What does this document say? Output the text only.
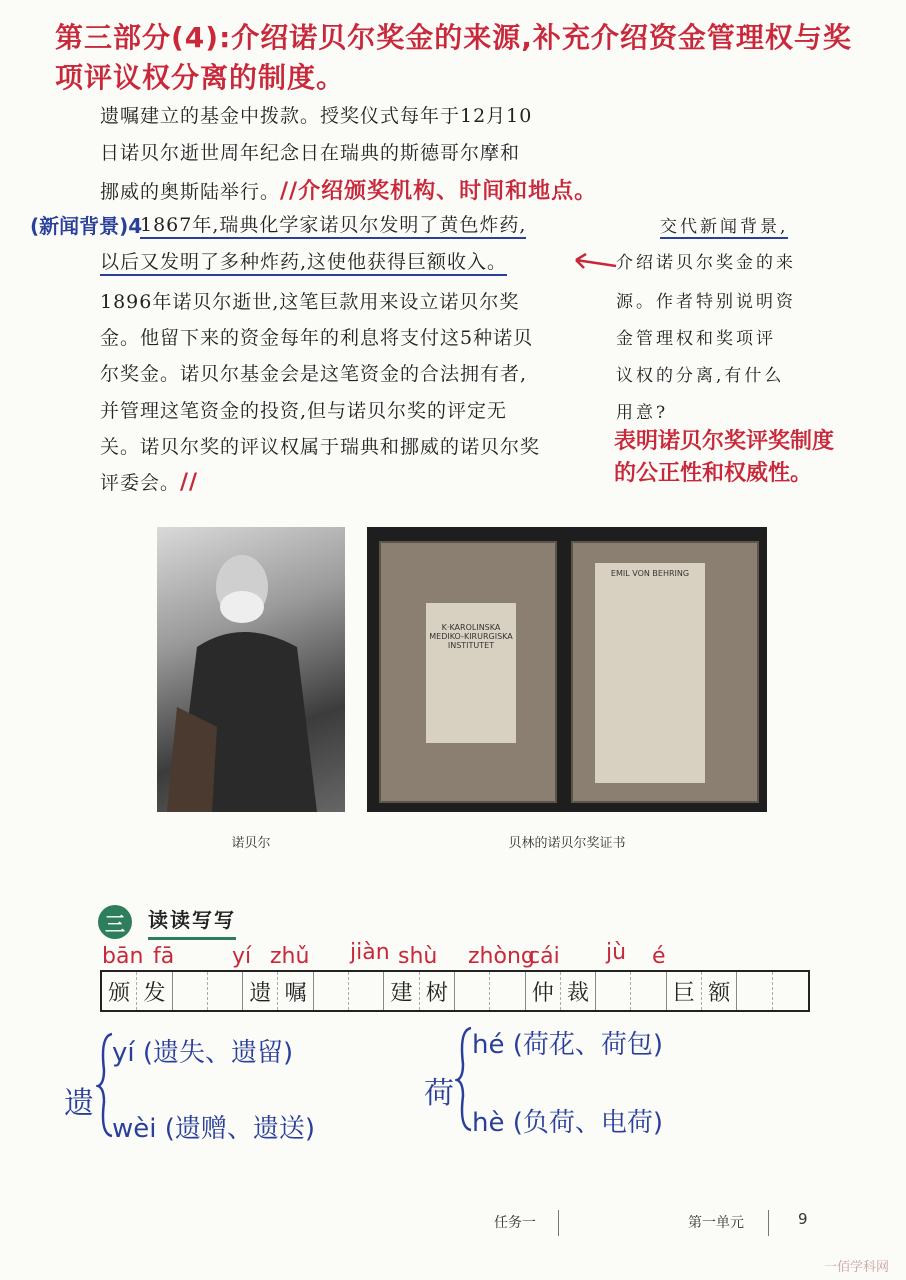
第三部分(4):介绍诺贝尔奖金的来源,补充介绍资金管理权与奖项评议权分离的制度。
遗嘱建立的基金中拨款。授奖仪式每年于12月10
日诺贝尔逝世周年纪念日在瑞典的斯德哥尔摩和
挪威的奥斯陆举行。//介绍颁奖机构、时间和地点。
(新闻背景)4
1867年,瑞典化学家诺贝尔发明了黄色炸药,
以后又发明了多种炸药,这使他获得巨额收入。
1896年诺贝尔逝世,这笔巨款用来设立诺贝尔奖
金。他留下来的资金每年的利息将支付这5种诺贝
尔奖金。诺贝尔基金会是这笔资金的合法拥有者,
并管理这笔资金的投资,但与诺贝尔奖的评定无
关。诺贝尔奖的评议权属于瑞典和挪威的诺贝尔奖
评委会。//
交代新闻背景,
介绍诺贝尔奖金的来
源。作者特别说明资
金管理权和奖项评
议权的分离,有什么
用意?
表明诺贝尔奖评奖制度
的公正性和权威性。
诺贝尔
K·KAROLINSKA MEDIKO-KIRURGISKA INSTITUTET
EMIL VON BEHRING
贝林的诺贝尔奖证书
三	读读写写
bān fā	yí zhǔ jiàn shù zhòng
cái jù é
颁 发	遗 嘱	建 树	仲 裁	巨 额
遗
yí (遗失、遗留)
wèi (遗赠、遗送)
荷
hé (荷花、荷包)
hè (负荷、电荷)
任务一	第一单元	9
一佰学科网
